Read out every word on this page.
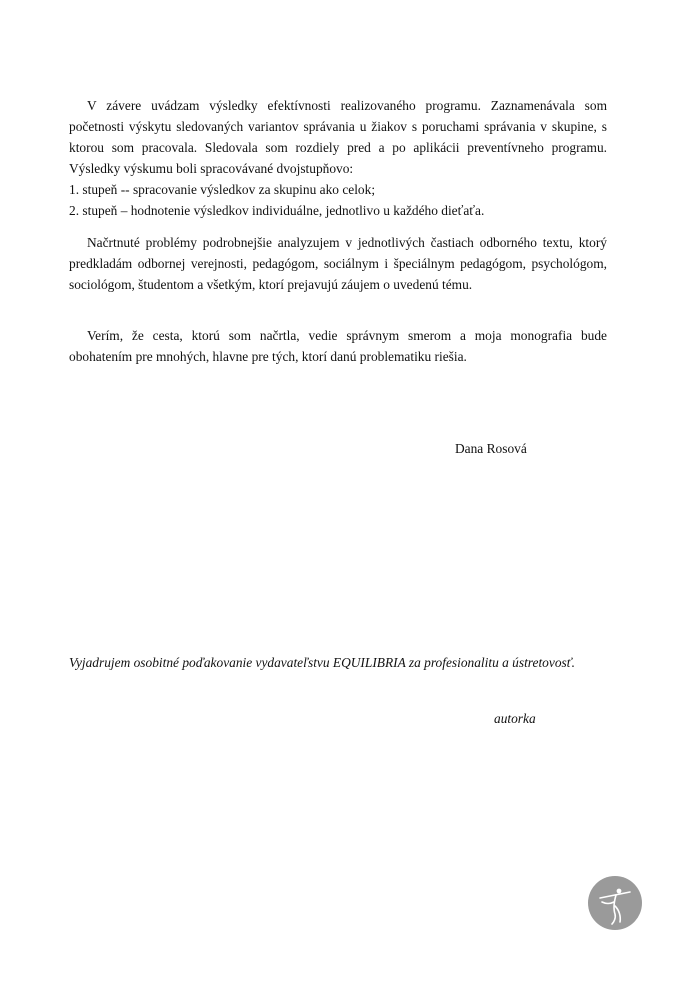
V závere uvádzam výsledky efektívnosti realizovaného programu. Zaznamenávala som početnosti výskytu sledovaných variantov správania u žiakov s poruchami správania v skupine, s ktorou som pracovala. Sledovala som rozdiely pred a po aplikácii preventívneho programu. Výsledky výskumu boli spracovávané dvojstupňovo:

1. stupeň -- spracovanie výsledkov za skupinu ako celok;
2. stupeň – hodnotenie výsledkov individuálne, jednotlivo u každého dieťaťa.

Načrtnuté problémy podrobnejšie analyzujem v jednotlivých častiach odborného textu, ktorý predkladám odbornej verejnosti, pedagógom, sociálnym i špeciálnym pedagógom, psychológom, sociológom, študentom a všetkým, ktorí prejavujú záujem o uvedenú tému.

Verím, že cesta, ktorú som načrtla, vedie správnym smerom a moja monografia bude obohatením pre mnohých, hlavne pre tých, ktorí danú problematiku riešia.

Dana Rosová

Vyjadrujem osobitné poďakovanie vydavateľstvu EQUILIBRIA za profesionalitu a ústretovosť.

autorka
